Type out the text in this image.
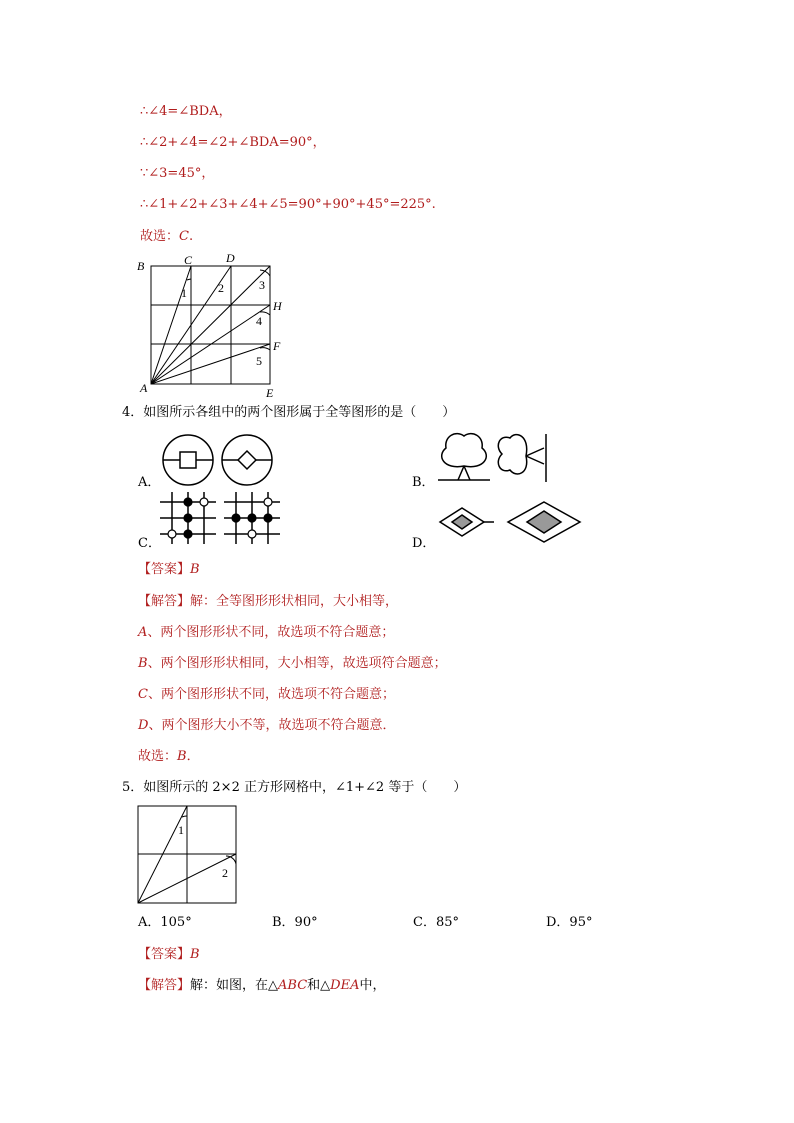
∴∠4=∠BDA，
∴∠2+∠4=∠2+∠BDA=90°，
∵∠3=45°，
∴∠1+∠2+∠3+∠4+∠5=90°+90°+45°=225°.
故选：C.
B	C	D
H
F
A	E
1	2	3
4
5
4．如图所示各组中的两个图形属于全等图形的是（　　）
A．	B．
C．	D．
【答案】B
【解答】解：全等图形形状相同，大小相等，
A、两个图形形状不同，故选项不符合题意；
B、两个图形形状相同，大小相等，故选项符合题意；
C、两个图形形状不同，故选项不符合题意；
D、两个图形大小不等，故选项不符合题意．
故选：B．
5．如图所示的 2×2 正方形网格中，∠1+∠2 等于（　　）
1
2
A．105°	B．90°	C．85°	D．95°
【答案】B
【解答】解：如图，在△ABC和△DEA中，
